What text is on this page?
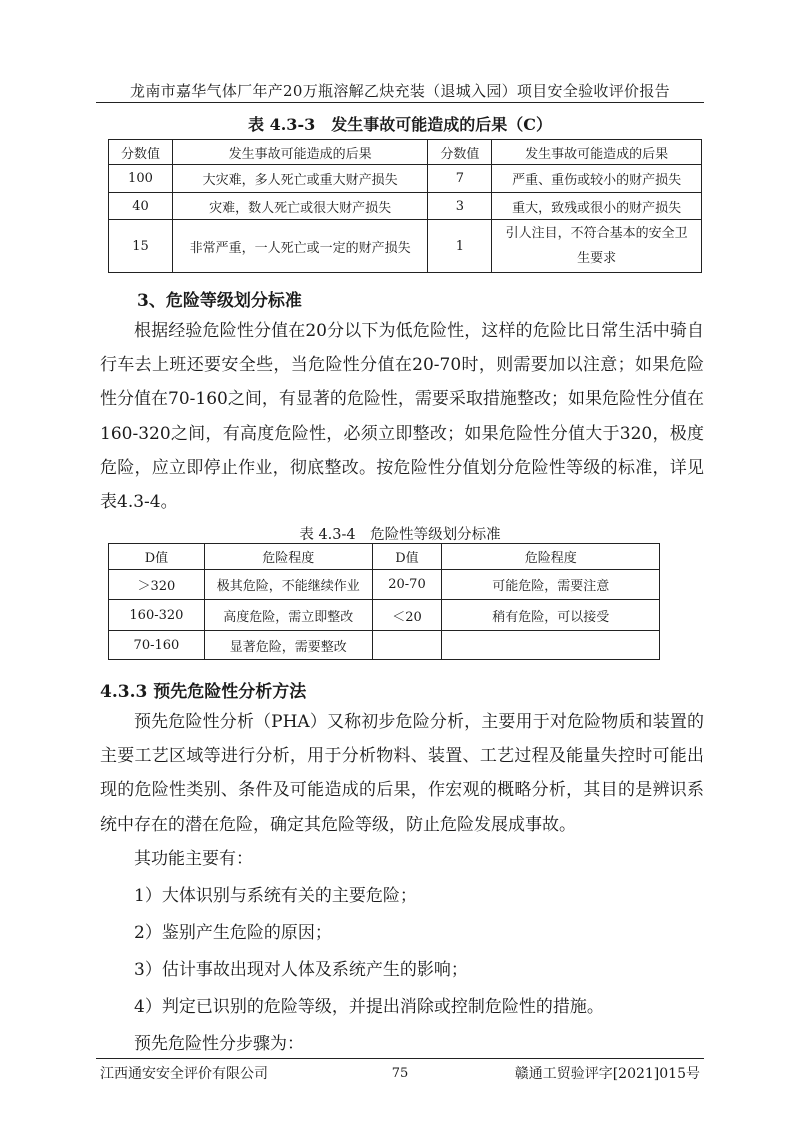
龙南市嘉华气体厂年产20万瓶溶解乙炔充装（退城入园）项目安全验收评价报告
表 4.3-3　发生事故可能造成的后果（C）
分数值	发生事故可能造成的后果	分数值	发生事故可能造成的后果
100	大灾难，多人死亡或重大财产损失	7	严重、重伤或较小的财产损失
40	灾难，数人死亡或很大财产损失	3	重大，致残或很小的财产损失
15	非常严重，一人死亡或一定的财产损失	1	引人注目，不符合基本的安全卫生要求
3、危险等级划分标准
根据经验危险性分值在20分以下为低危险性，这样的危险比日常生活中骑自行车去上班还要安全些，当危险性分值在20-70时，则需要加以注意；如果危险性分值在70-160之间，有显著的危险性，需要采取措施整改；如果危险性分值在160-320之间，有高度危险性，必须立即整改；如果危险性分值大于320，极度危险，应立即停止作业，彻底整改。按危险性分值划分危险性等级的标准，详见表4.3-4。
表 4.3-4　危险性等级划分标准
D值	危险程度	D值	危险程度
＞320	极其危险，不能继续作业	20-70	可能危险，需要注意
160-320	高度危险，需立即整改	＜20	稍有危险，可以接受
70-160	显著危险，需要整改		
4.3.3 预先危险性分析方法
预先危险性分析（PHA）又称初步危险分析，主要用于对危险物质和装置的主要工艺区域等进行分析，用于分析物料、装置、工艺过程及能量失控时可能出现的危险性类别、条件及可能造成的后果，作宏观的概略分析，其目的是辨识系统中存在的潜在危险，确定其危险等级，防止危险发展成事故。
其功能主要有：
1）大体识别与系统有关的主要危险；
2）鉴别产生危险的原因；
3）估计事故出现对人体及系统产生的影响；
4）判定已识别的危险等级，并提出消除或控制危险性的措施。
预先危险性分步骤为：
江西通安安全评价有限公司	75	赣通工贸验评字[2021]015号
